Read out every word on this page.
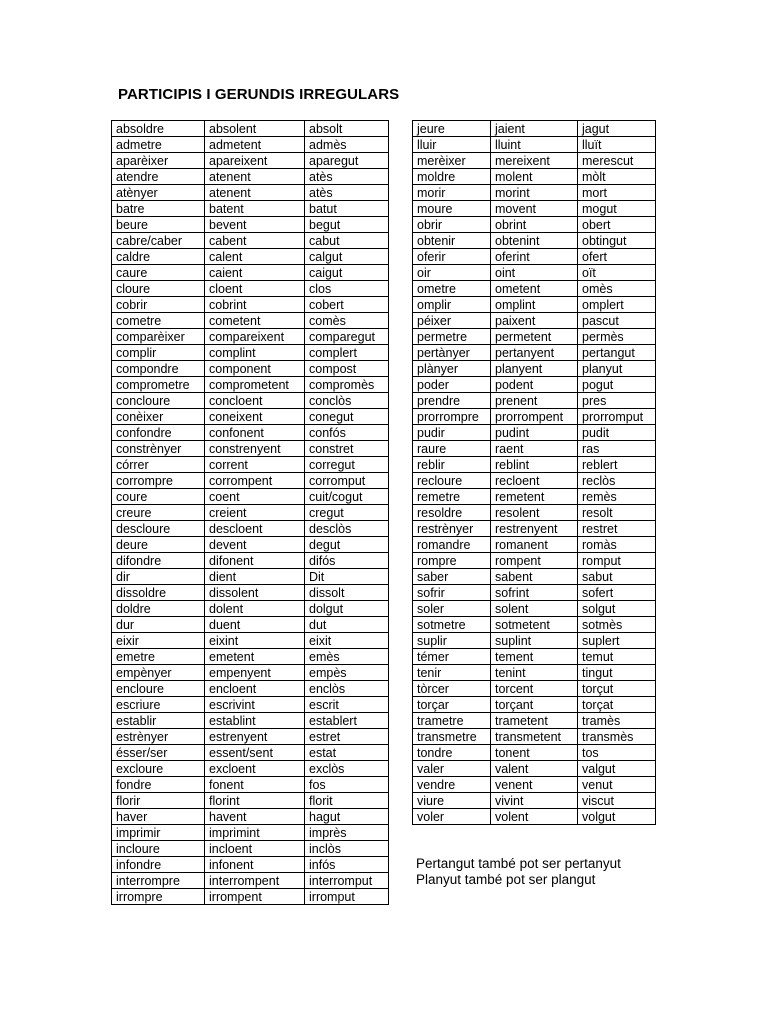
PARTICIPIS I GERUNDIS IRREGULARS
absoldre	absolent	absolt
admetre	admetent	admès
aparèixer	apareixent	aparegut
atendre	atenent	atès
atènyer	atenent	atès
batre	batent	batut
beure	bevent	begut
cabre/caber	cabent	cabut
caldre	calent	calgut
caure	caient	caigut
cloure	cloent	clos
cobrir	cobrint	cobert
cometre	cometent	comès
comparèixer	compareixent	comparegut
complir	complint	complert
compondre	component	compost
comprometre	comprometent	compromès
concloure	concloent	conclòs
conèixer	coneixent	conegut
confondre	confonent	confós
constrènyer	constrenyent	constret
córrer	corrent	corregut
corrompre	corrompent	corromput
coure	coent	cuit/cogut
creure	creient	cregut
descloure	descloent	desclòs
deure	devent	degut
difondre	difonent	difós
dir	dient	Dit
dissoldre	dissolent	dissolt
doldre	dolent	dolgut
dur	duent	dut
eixir	eixint	eixit
emetre	emetent	emès
empènyer	empenyent	empès
encloure	encloent	enclòs
escriure	escrivint	escrit
establir	establint	establert
estrènyer	estrenyent	estret
ésser/ser	essent/sent	estat
excloure	excloent	exclòs
fondre	fonent	fos
florir	florint	florit
haver	havent	hagut
imprimir	imprimint	imprès
incloure	incloent	inclòs
infondre	infonent	infós
interrompre	interrompent	interromput
irrompre	irrompent	irromput
jeure	jaient	jagut
lluir	lluint	lluït
merèixer	mereixent	merescut
moldre	molent	mòlt
morir	morint	mort
moure	movent	mogut
obrir	obrint	obert
obtenir	obtenint	obtingut
oferir	oferint	ofert
oir	oint	oït
ometre	ometent	omès
omplir	omplint	omplert
péixer	paixent	pascut
permetre	permetent	permès
pertànyer	pertanyent	pertangut
plànyer	planyent	planyut
poder	podent	pogut
prendre	prenent	pres
prorrompre	prorrompent	prorromput
pudir	pudint	pudit
raure	raent	ras
reblir	reblint	reblert
recloure	recloent	reclòs
remetre	remetent	remès
resoldre	resolent	resolt
restrènyer	restrenyent	restret
romandre	romanent	romàs
rompre	rompent	romput
saber	sabent	sabut
sofrir	sofrint	sofert
soler	solent	solgut
sotmetre	sotmetent	sotmès
suplir	suplint	suplert
témer	tement	temut
tenir	tenint	tingut
tòrcer	torcent	torçut
torçar	torçant	torçat
trametre	trametent	tramès
transmetre	transmetent	transmès
tondre	tonent	tos
valer	valent	valgut
vendre	venent	venut
viure	vivint	viscut
voler	volent	volgut
Pertangut també pot ser pertanyut
Planyut també pot ser plangut
